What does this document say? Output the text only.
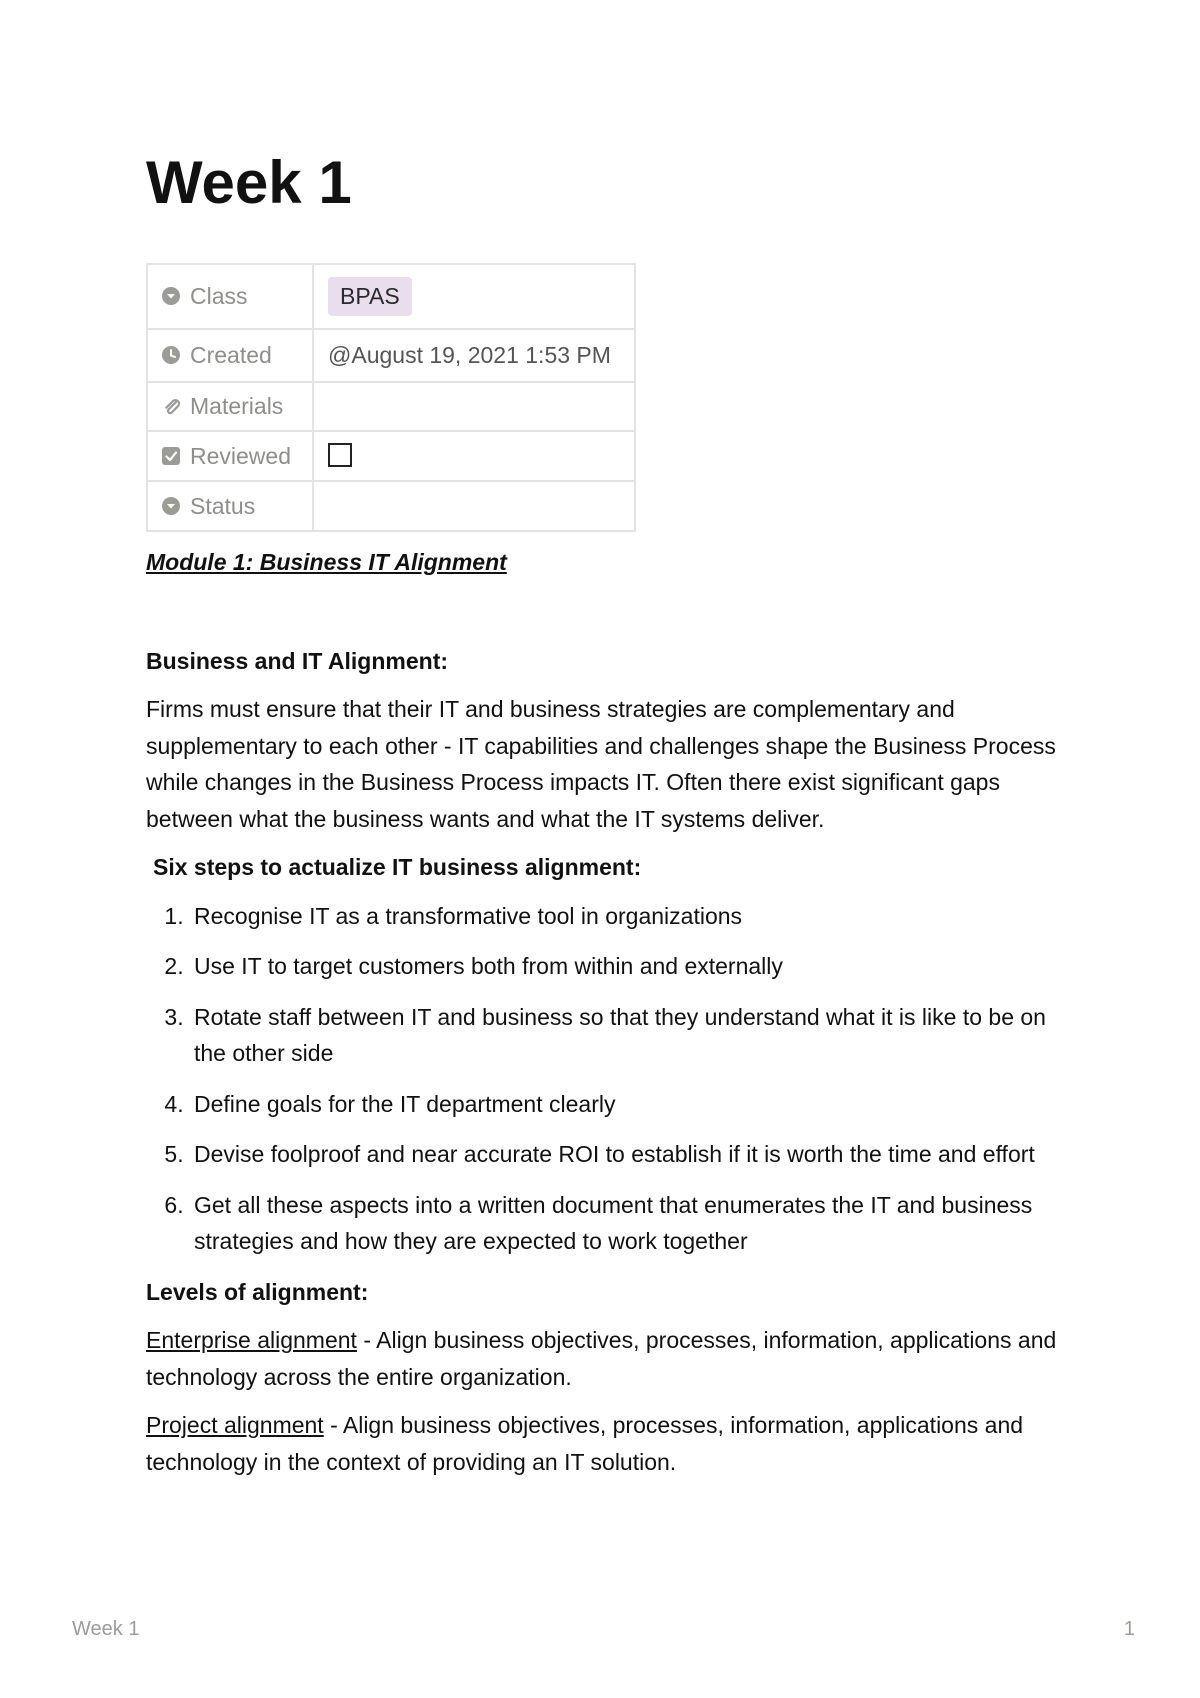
Week 1
Class	BPAS

Created	@August 19, 2021 1:53 PM

Materials	

Reviewed	

Status	

Module 1: Business IT Alignment

Business and IT Alignment:

Firms must ensure that their IT and business strategies are complementary and supplementary to each other - IT capabilities and challenges shape the Business Process while changes in the Business Process impacts IT. Often there exist significant gaps between what the business wants and what the IT systems deliver.

Six steps to actualize IT business alignment:

1. Recognise IT as a transformative tool in organizations
2. Use IT to target customers both from within and externally
3. Rotate staff between IT and business so that they understand what it is like to be on the other side
4. Define goals for the IT department clearly
5. Devise foolproof and near accurate ROI to establish if it is worth the time and effort
6. Get all these aspects into a written document that enumerates the IT and business strategies and how they are expected to work together

Levels of alignment:

Enterprise alignment - Align business objectives, processes, information, applications and technology across the entire organization.

Project alignment - Align business objectives, processes, information, applications and technology in the context of providing an IT solution.

Week 1	1
